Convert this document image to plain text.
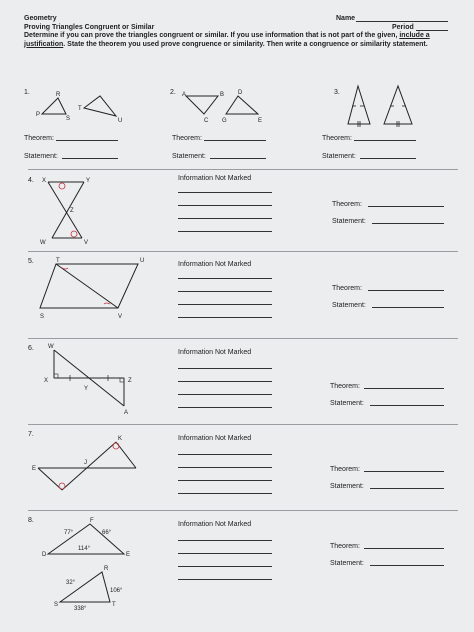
Geometry
Proving Triangles Congruent or Similar
Name
Period
Determine if you can prove the triangles congruent or similar. If you use information that is not part of the given, include a justification. State the theorem you used prove congruence or similarity. Then write a congruence or similarity statement.
1.
P
R
S
T
U
2. A	B
C
D
E
G
3.
Theorem:
Statement:
Theorem:
Statement:
Theorem:
Statement:
4. X	Y
Z
W	V
Information Not Marked
Theorem:
Statement:
5.	T	U
S	V
Information Not Marked
Theorem:
Statement:
6. W
X
Y
Z
A
Information Not Marked
Theorem:
Statement:
7.
E
J
K	Information Not Marked
Theorem:
Statement:
8.
77°	66°
114°
32°
106°
338°
F
D	E
R
S	T
Information Not Marked
Theorem:
Statement:
